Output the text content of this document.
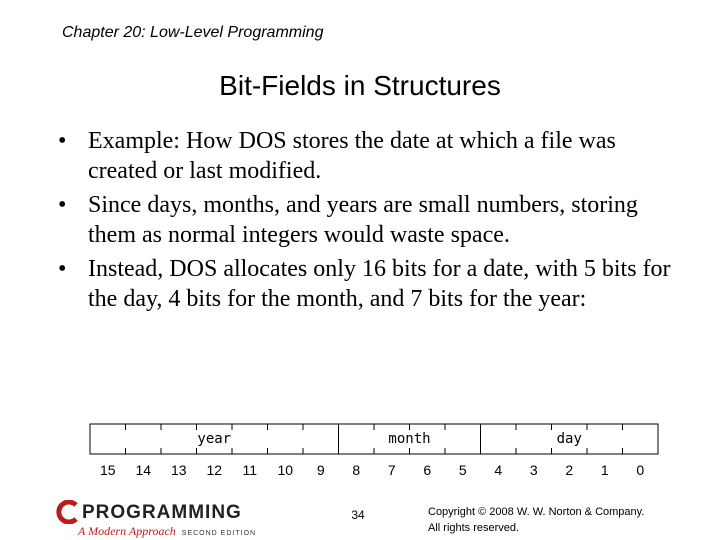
Chapter 20: Low-Level Programming
Bit-Fields in Structures
• Example: How DOS stores the date at which a file was created or last modified.
• Since days, months, and years are small numbers, storing them as normal integers would waste space.
• Instead, DOS allocates only 16 bits for a date, with 5 bits for the day, 4 bits for the month, and 7 bits for the year:
year	month	day
15 14 13 12 11 10 9 8 7 6 5 4 3 2 1 0
PROGRAMMING
A Modern Approach SECOND EDITION
34	Copyright © 2008 W. W. Norton & Company.
All rights reserved.
